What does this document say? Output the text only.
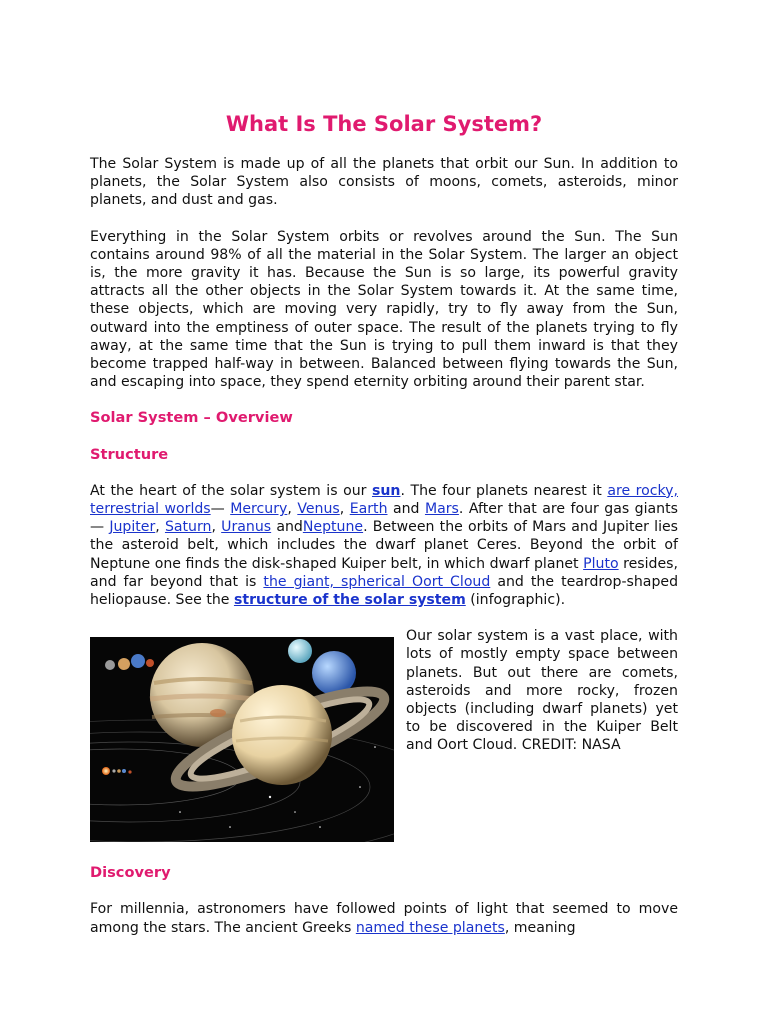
What Is The Solar System?

The Solar System is made up of all the planets that orbit our Sun. In addition to planets, the Solar System also consists of moons, comets, asteroids, minor planets, and dust and gas.

Everything in the Solar System orbits or revolves around the Sun. The Sun contains around 98% of all the material in the Solar System. The larger an object is, the more gravity it has. Because the Sun is so large, its powerful gravity attracts all the other objects in the Solar System towards it. At the same time, these objects, which are moving very rapidly, try to fly away from the Sun, outward into the emptiness of outer space. The result of the planets trying to fly away, at the same time that the Sun is trying to pull them inward is that they become trapped half-way in between. Balanced between flying towards the Sun, and escaping into space, they spend eternity orbiting around their parent star.

Solar System – Overview
Structure

At the heart of the solar system is our sun. The four planets nearest it are rocky, terrestrial worlds— Mercury, Venus, Earth and Mars. After that are four gas giants — Jupiter, Saturn, Uranus andNeptune. Between the orbits of Mars and Jupiter lies the asteroid belt, which includes the dwarf planet Ceres. Beyond the orbit of Neptune one finds the disk-shaped Kuiper belt, in which dwarf planet Pluto resides, and far beyond that is the giant, spherical Oort Cloud and the teardrop-shaped heliopause. See the structure of the solar system (infographic).

Our solar system is a vast place, with lots of mostly empty space between planets. But out there are comets, asteroids and more rocky, frozen objects (including dwarf planets) yet to be discovered in the Kuiper Belt and Oort Cloud. CREDIT: NASA

Discovery

For millennia, astronomers have followed points of light that seemed to move among the stars. The ancient Greeks named these planets, meaning
